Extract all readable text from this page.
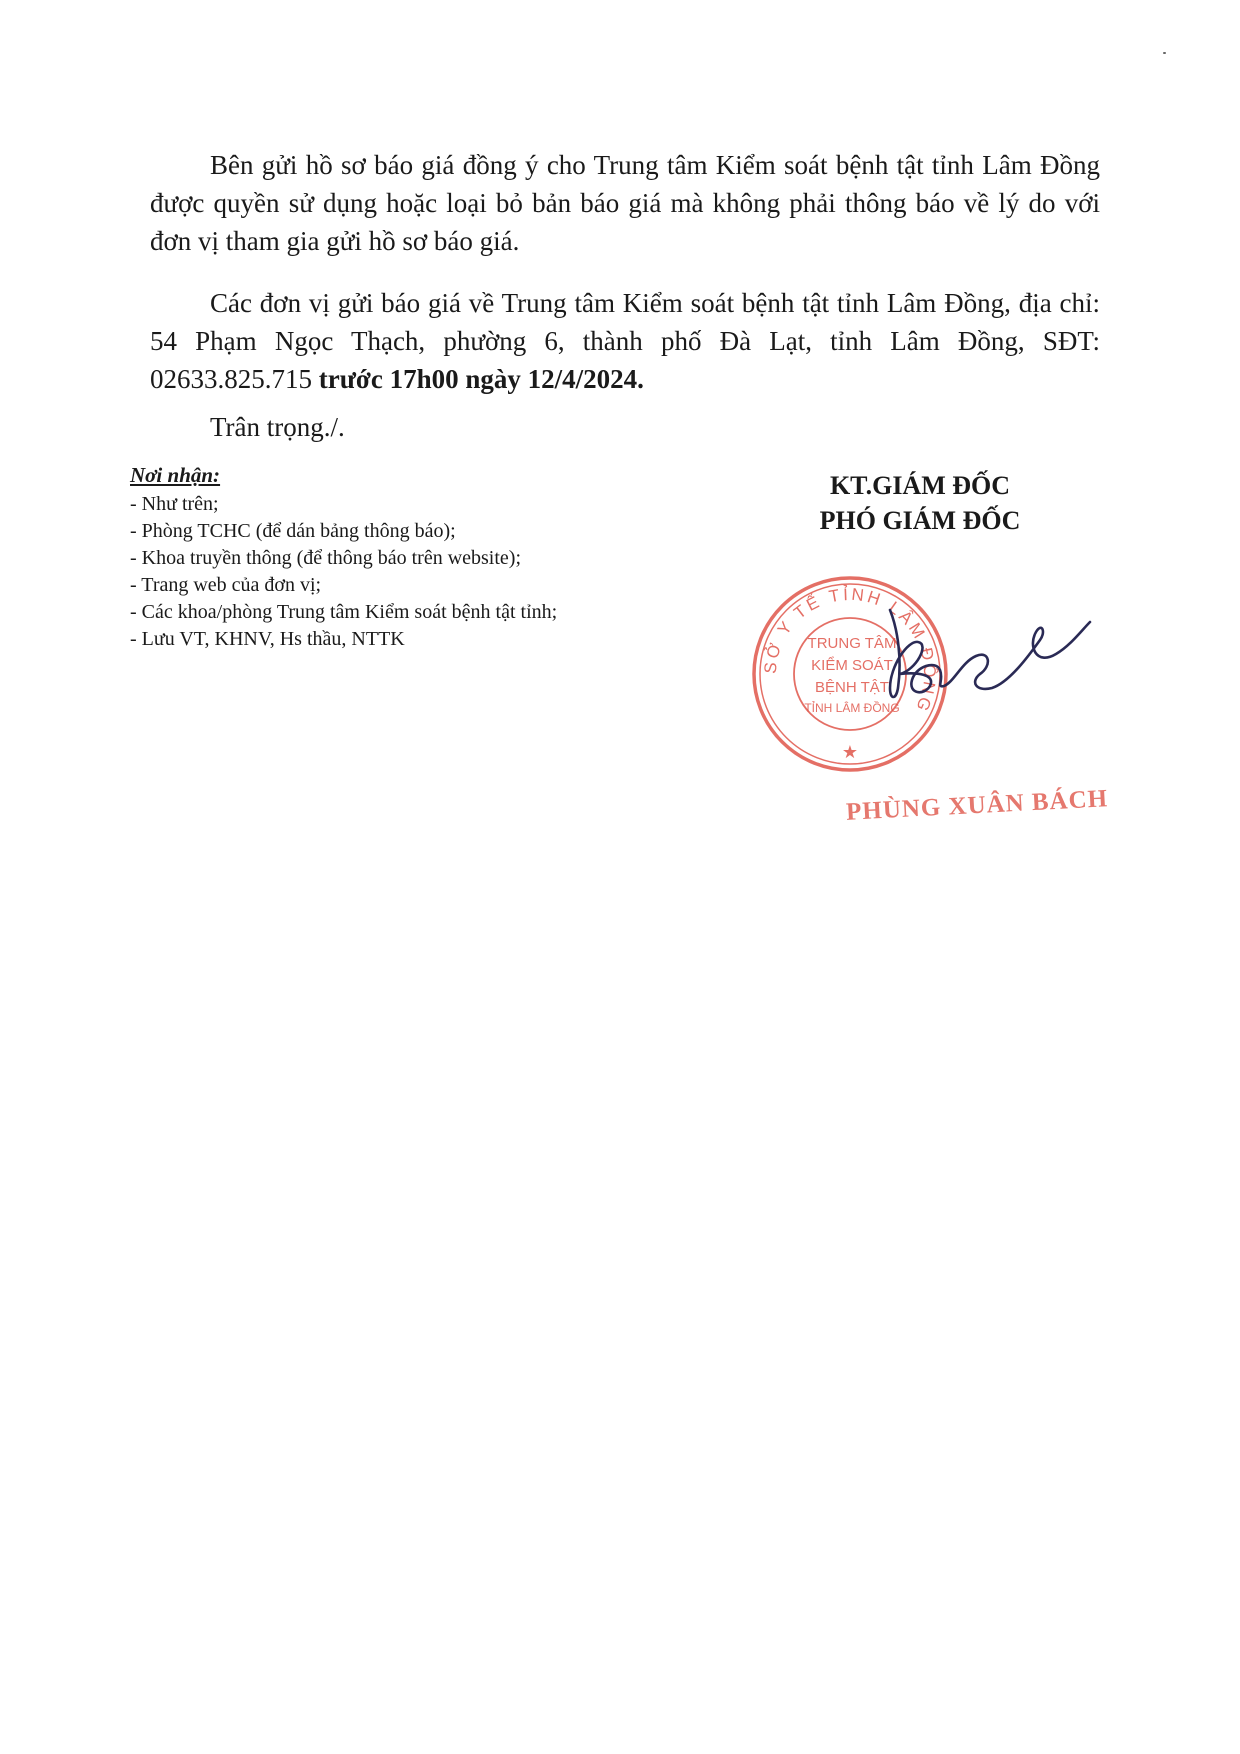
Bên gửi hồ sơ báo giá đồng ý cho Trung tâm Kiểm soát bệnh tật tỉnh Lâm Đồng được quyền sử dụng hoặc loại bỏ bản báo giá mà không phải thông báo về lý do với đơn vị tham gia gửi hồ sơ báo giá.

Các đơn vị gửi báo giá về Trung tâm Kiểm soát bệnh tật tỉnh Lâm Đồng, địa chỉ: 54 Phạm Ngọc Thạch, phường 6, thành phố Đà Lạt, tỉnh Lâm Đồng, SĐT: 02633.825.715 trước 17h00 ngày 12/4/2024.

Trân trọng./.
Nơi nhận:
- Như trên;
- Phòng TCHC (để dán bảng thông báo);
- Khoa truyền thông (để thông báo trên website);
- Trang web của đơn vị;
- Các khoa/phòng Trung tâm Kiểm soát bệnh tật tỉnh;
- Lưu VT, KHNV, Hs thầu, NTTK
KT.GIÁM ĐỐC
PHÓ GIÁM ĐỐC
SỞ Y TẾ TỈNH LÂM ĐỒNG
TRUNG TÂM
KIỂM SOÁT
BỆNH TẬT
TỈNH LÂM ĐỒNG
★
PHÙNG XUÂN BÁCH
